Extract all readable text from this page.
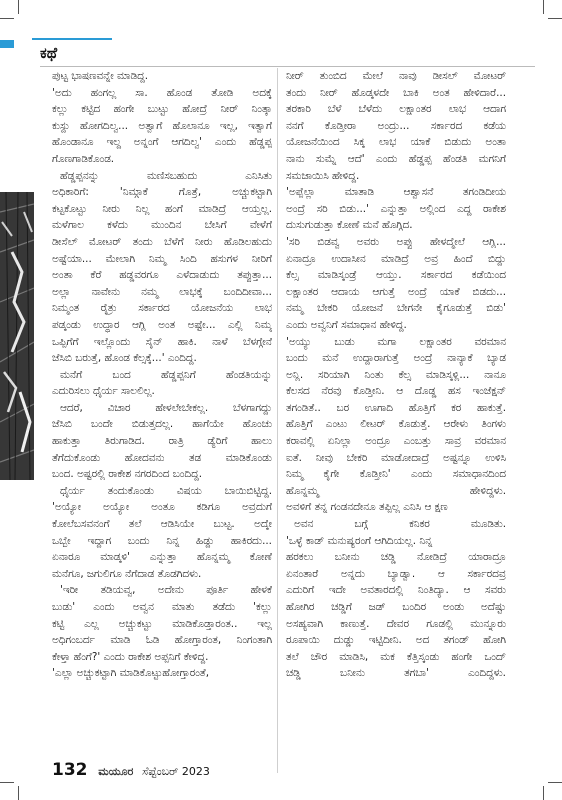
ಕಥೆ

ಪುಟ್ಟ ಭಾಷಣವನ್ನೇ ಮಾಡಿದ್ದ.

'ಅದು ಹಂಗಲ್ಲ ಸಾ. ಹೊಂಡ ತೋಡಿ ಅದಕ್ಕೆ

ಕಲ್ಲು ಕಟ್ಟಿದ ಹಂಗೇ ಬುಟ್ಟು ಹೋದ್ರೆ ನೀರ್ ನಿಂತ್ಕಾ

ಕುಸ್ದು ಹೋಗದಿಲ್ವ... ಅತ್ವಾಗೆ ಹೊಲಾನೂ ಇಲ್ಲ, ಇತ್ವಾಗೆ

ಹೊಂಡಾನೂ ಇಲ್ದ ಅನ್ನಂಗೆ ಆಗದಿಲ್ವ' ಎಂದು ಹೆಡ್ಡಪ್ಪ

ಗೊಣಗಾಡಿಕೊಂಡ.

ಹೆಡ್ಡಪ್ಪನನ್ನು ಮಣಿಸಬಹುದು ಎನಿಸಿತು

ಅಧಿಕಾರಿಗೆ: 'ನಿಮ್ಗಾಕೆ ಗೊತ್ರೆ, ಅಚ್ಚುಕಟ್ಟಾಗಿ

ಕಟ್ಟಕೊಟ್ಟು ನೀರು ನಿಲ್ಲ ಹಂಗೆ ಮಾಡಿದ್ರೆ ಆಯ್ತಲ್ಲ.

ಮಳೆಗಾಲ ಕಳೆದು ಮುಂದಿನ ಬೇಸಿಗೆ ವೇಳೆಗೆ

ಡೀಸೆಲ್ ಮೋಟರ್ ತಂದು ಬೆಳೆಗೆ ನೀರು ಹೊಡಿಲಹುದು

ಅಷ್ಟೆಯಾ... ಮೇಲಾಗಿ ನಿಮ್ಮ ಸಿಂದಿ ಹಸುಗಳ ನೀರಿಗೆ

ಅಂತಾ ಕೆರೆ ಹಡ್ಡವರಗೂ ಎಳೆದಾಡುದು ತಪ್ಪುತ್ತಾ...

ಅಲ್ಲಾ ನಾವೇನು ನಮ್ಮ ಲಾಭಕ್ಕೆ ಬಂದಿದೀವಾ...

ನಿಮ್ಮಂತ ರೈತ್ರು ಸರ್ಕಾರದ ಯೋಜನೆಯ ಲಾಭ

ಪಡ್ಕಂಡು ಉದ್ಧಾರ ಆಗ್ಲಿ ಅಂತ ಅಷ್ಟೇ... ಎಲ್ಲಿ ನಿಮ್ಮ

ಒಪ್ಪಿಗೆಗೆ ಇಲ್ಲೊಂದು ಸೈನ್ ಹಾಕಿ. ನಾಳೆ ಬೆಳಗ್ಗೇನೆ

ಜೆಸಿಬಿ ಬರುತ್ತೆ, ಹೊಂಡ ಕೆಲ್ಸಕ್ಕೆ...' ಎಂದಿದ್ದ.

ಮನೆಗೆ ಬಂದ ಹೆಡ್ಡಪ್ಪನಿಗೆ ಹೆಂಡತಿಯನ್ನು

ಎದುರಿಸಲು ಧೈರ್ಯ ಸಾಲಲಿಲ್ಲ.

ಆದರೆ, ವಿಚಾರ ಹೇಳಲೇಬೇಕಲ್ಲ. ಬೆಳಗಾಗದ್ದು

ಜೆಸಿಬಿ ಬಂದೇ ಬಿಡುತ್ತದಲ್ಲ. ಹಾಗೆಯೇ ಹೊಂಚು

ಹಾಕುತ್ತಾ ತಿರುಗಾಡಿದ. ರಾತ್ರಿ ಡ್ಯೆರಿಗೆ ಹಾಲು

ತೆಗೆದುಕೊಂಡು ಹೋದವನು ತಡ ಮಾಡಿಕೊಂಡು

ಬಂದ. ಅಷ್ಟರಲ್ಲಿ ರಾಕೇಶ ನಗರದಿಂದ ಬಂದಿದ್ದ.

ಧೈರ್ಯ ತಂದುಕೊಂಡು ವಿಷಯ ಬಾಯಿಬಿಟ್ಟಿದ್ದ.

'ಅಯ್ಯೋ ಅಯ್ಯೋ ಅಂತೂ ಕಡಿಗೂ ಅವ್ರದುಗೆ

ಕೋಲೆಬಸವನಂಗೆ ತಲೆ ಆಡಿಸಿಯೇ ಬುಟ್ಟ. ಅದ್ಕೇ

ಒಬ್ಬೇ ಇದ್ದಾಗ ಬಂದು ನಿನ್ನ ಹಿಡ್ದು ಹಾಕಿರದು...

ಏನಾರೂ ಮಾಡ್ಕಳಿ' ಎನ್ನುತ್ತಾ ಹೊನ್ನಮ್ಮ ಕೋಣೆ

ಮನೆಗೂ, ಜಗುಲಿಗೂ ನೆಗೆದಾಡ ತೊಡಗಿದಳು.

'ಇರೀ ತಡಿಯವ್ವ, ಅದೇನು ಪೂರ್ತಿ ಹೇಳಕೆ

ಬುಡು' ಎಂದು ಅವ್ವನ ಮಾತು ತಡೆದು 'ಕಲ್ಲು

ಕಟ್ಟಿ ಎಲ್ಲ ಅಚ್ಚುಕಟ್ಟು ಮಾಡಿಕೊಡ್ತಾರಂತ.. ಇಲ್ಲ

ಅಧಿಗಂಬರ್ದ ಮಾಡಿ ಓಡಿ ಹೋಗ್ತಾರಂತ, ನಿಂಗಂತಾಗಿ

ಕೇಳ್ತಾ ಹೆಂಗೆ?' ಎಂದು ರಾಕೇಶ ಅಪ್ಪನಿಗೆ ಕೇಳಿದ್ದ.

'ಎಲ್ಲಾ ಅಚ್ಚುಕಟ್ಟಾಗಿ ಮಾಡಿಕೊಟ್ಟುಹೋಗ್ತಾರಂತೆ,

ನೀರ್ ತುಂಬಿದ ಮೇಲೆ ನಾವು ಡೀಸಲ್ ಮೋಟರ್

ತಂದು ನೀರ್ ಹೊಡ್ಕಳದೇ ಬಾಕಿ ಅಂತ ಹೇಳಿದಾರೆ...

ತರಕಾರಿ ಬೆಳೆ ಬೆಳೆದು ಲಕ್ಷಾಂತರ ಲಾಭ ಆದಾಗ

ನನಗೆ ಕೊಡ್ತೀರಾ ಅಂದ್ರು... ಸರ್ಕಾರದ ಕಡೆಯ

ಯೋಜನೆಯಿಂದ ಸಿಕ್ಕ ಲಾಭ ಯಾಕೆ ಬಿಡುದು ಅಂತಾ

ನಾನು ಸುಮ್ನೆ ಆದೆ' ಎಂದು ಹೆಡ್ಡಪ್ಪ ಹೆಂಡತಿ ಮಗನಿಗೆ

ಸಮಜಾಯಿಸಿ ಹೇಳಿದ್ದ.

'ಅಪ್ಪೆಲ್ಲಾ ಮಾತಾಡಿ ಆಶ್ವಾಸನೆ ತಗಂಡಿದೀಯ

ಅಂದ್ರೆ ಸರಿ ಬಿಡು...' ಎನ್ನುತ್ತಾ ಅಲ್ಲಿಂದ ಎದ್ದ ರಾಕೇಶ

ದುಸುಗುಡುತ್ತಾ ಕೋಣೆ ಮನೆ ಹೊಗ್ಗಿದ.

'ಸರಿ ಬಿಡವ್ವ ಅವರು ಅಪ್ಪು ಹೇಳದ್ಮೇಲೆ ಆಗ್ಲಿ...

ಏನಾದ್ರೂ ಉದಾಸೀನ ಮಾಡಿದ್ರೆ ಅವ್ರ ಹಿಂದೆ ಬಿದ್ದು

ಕೆಲ್ಸ ಮಾಡಿಸ್ಕಂಡ್ರೆ ಆಯ್ತು. ಸರ್ಕಾರದ ಕಡೆಯಿಂದ

ಲಕ್ಷಾಂತರ ಆದಾಯ ಆಗುತ್ತೆ ಅಂದ್ರೆ ಯಾಕೆ ಬಿಡದು...

ನಮ್ಮ ಬೇಕರಿ ಯೋಜನೆ ಬೇಗನೇ ಕೈಗೂಡುತ್ತೆ ಬಿಡು'

ಎಂದು ಅವ್ವನಿಗೆ ಸಮಾಧಾನ ಹೇಳಿದ್ದ.

'ಅಯ್ಯು ಬುಡು ಮಗಾ ಲಕ್ಷಾಂತರ ವರಮಾನ

ಬಂದು ಮನೆ ಉದ್ದಾರಾಗುತ್ತೆ ಅಂದ್ರೆ ನಾನ್ಯಾಕೆ ಬ್ಯಾಡ

ಅನ್ಲಿ. ಸರಿಯಾಗಿ ನಿಂತು ಕೆಲ್ಸ ಮಾಡಿಸ್ಕಳ್ಲಿ... ನಾನೂ

ಕೆಲಸದ ನೆರವು ಕೊಡ್ತೀನಿ. ಆ ದೊಡ್ಡ ಹಸ ಇಂಜೆಕ್ಷನ್

ತಗಂಡಿತೆ.. ಬರ ಊಗಾದಿ ಹೊತ್ತಿಗೆ ಕರ ಹಾಕುತ್ತೆ.

ಹೊತ್ತಿಗೆ ಎಂಟು ಲೀಟರ್ ಕೊಡುತ್ತೆ. ಆರೇಳು ತಿಂಗಳು

ಕರಾವಲ್ಲಿ ಏನಿಲ್ಲಾ ಅಂದ್ರೂ ಎಂಬತ್ತು ಸಾವ್ರ ವರಮಾನ

ಐತೆ. ನೀವು ಬೇಕರಿ ಮಾಡೋದಾದ್ರೆ ಅಷ್ಟನ್ನೂ ಉಳಿಸಿ

ನಿಮ್ಮ ಕೈಗೇ ಕೊಡ್ತೀನಿ' ಎಂದು ಸಮಾಧಾನದಿಂದ

ಹೊನ್ನಮ್ಮ ಹೇಳಿದ್ದಳು.

ಅವಳಿಗೆ ತನ್ನ ಗಂಡನದೇನೂ ತಪ್ಪಿಲ್ಲ ಎನಿಸಿ ಆ ಕ್ಷಣ

ಅವನ ಬಗ್ಗೆ ಕನಿಕರ ಮೂಡಿತು.

'ಒಳ್ಳೆ ಕಾಡ್ ಮನುಷ್ಯರಂಗೆ ಆಗಿದಿಯಲ್ಲ. ನಿನ್ನ

ಹರಕಲು ಬನೀನು ಚಡ್ಡಿ ನೋಡಿದ್ರೆ ಯಾರಾದ್ರೂ

ಏನಂತಾರೆ ಅನ್ನದು ಬ್ಯಾಡ್ವಾ. ಆ ಸರ್ಕಾರದವ್ರ

ಎದುರಿಗೆ ಇದೇ ಅವತಾರದಲ್ಲಿ ನಿಂತಿದ್ಯಾ. ಆ ಸವರು

ಹೋಗಿರ ಚಡ್ಡಿಗೆ ಜಡ್ ಬಂದಿರ ಅಂಡು ಅದೆಷ್ಟು

ಅಸಹ್ಯವಾಗಿ ಕಾಣುತ್ತೆ. ದೇವರ ಗೂಡಲ್ಲಿ ಮುನ್ನೂರು

ರೂಪಾಯಿ ದುಡ್ಡು ಇಟ್ಟಿದೀನಿ. ಅದ ತಗಂಡ್ ಹೋಗಿ

ತಲೆ ಚೌರ ಮಾಡಿಸಿ, ಮಕ ಕೆತ್ತಿಸ್ಕಂಡು ಹಂಗೇ ಒಂದ್

ಚಡ್ಡಿ ಬನೀನು ತಗಬಾ' ಎಂದಿದ್ದಳು.

132 ಮಯೂರ ಸೆಪ್ಟೆಂಬರ್ 2023
